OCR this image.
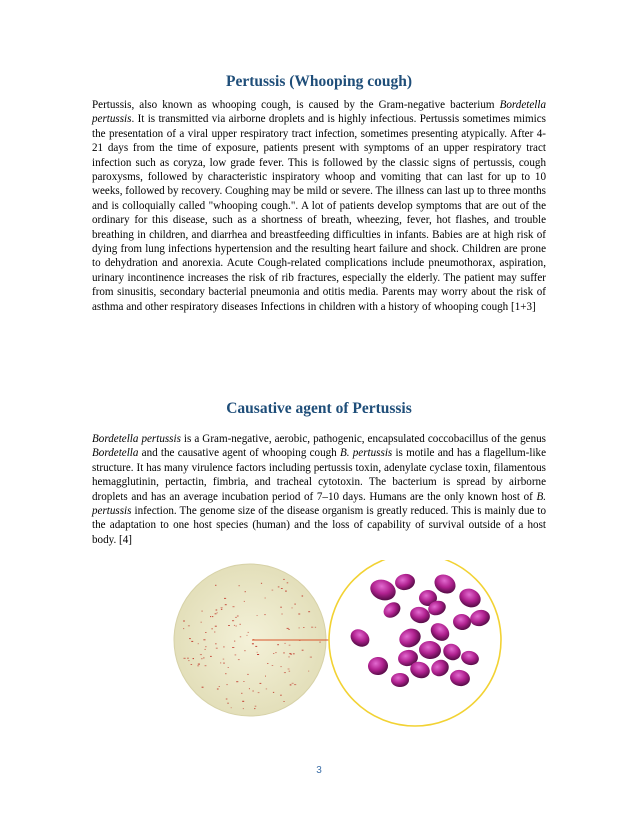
Pertussis (Whooping cough)

Pertussis, also known as whooping cough, is caused by the Gram-negative bacterium Bordetella pertussis. It is transmitted via airborne droplets and is highly infectious. Pertussis sometimes mimics the presentation of a viral upper respiratory tract infection, sometimes presenting atypically. After 4-21 days from the time of exposure, patients present with symptoms of an upper respiratory tract infection such as coryza, low grade fever. This is followed by the classic signs of pertussis, cough paroxysms, followed by characteristic inspiratory whoop and vomiting that can last for up to 10 weeks, followed by recovery. Coughing may be mild or severe. The illness can last up to three months and is colloquially called "whooping cough.". A lot of patients develop symptoms that are out of the ordinary for this disease, such as a shortness of breath, wheezing, fever, hot flashes, and trouble breathing in children, and diarrhea and breastfeeding difficulties in infants. Babies are at high risk of dying from lung infections hypertension and the resulting heart failure and shock. Children are prone to dehydration and anorexia. Acute Cough-related complications include pneumothorax, aspiration, urinary incontinence increases the risk of rib fractures, especially the elderly. The patient may suffer from sinusitis, secondary bacterial pneumonia and otitis media. Parents may worry about the risk of asthma and other respiratory diseases Infections in children with a history of whooping cough [1+3]

Causative agent of Pertussis

Bordetella pertussis is a Gram-negative, aerobic, pathogenic, encapsulated coccobacillus of the genus Bordetella and the causative agent of whooping cough B. pertussis is motile and has a flagellum-like structure. It has many virulence factors including pertussis toxin, adenylate cyclase toxin, filamentous hemagglutinin, pertactin, fimbria, and tracheal cytotoxin. The bacterium is spread by airborne droplets and has an average incubation period of 7–10 days. Humans are the only known host of B. pertussis infection. The genome size of the disease organism is greatly reduced. This is mainly due to the adaptation to one host species (human) and the loss of capability of survival outside of a host body. [4]

3
